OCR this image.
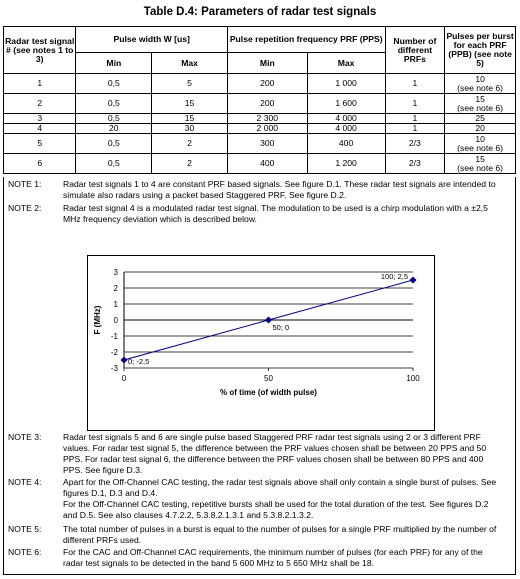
Table D.4: Parameters of radar test signals
Radar test signal # (see notes 1 to 3)	Pulse width W [us]		Pulse repetition frequency PRF (PPS)		Number of different PRFs	Pulses per burst for each PRF (PPB) (see note 5)
	Min	Max	Min	Max		
1	0,5	5	200	1 000	1	10
(see note 6)

2	0,5	15	200	1 600	1	15
(see note 6)

3	0,5	15	2 300	4 000	1	25
4	20	30	2 000	4 000	1	20
5	0,5	2	300	400	2/3	10
(see note 6)

6	0,5	2	400	1 200	2/3	15
(see note 6)
NOTE 1:	Radar test signals 1 to 4 are constant PRF based signals. See figure D.1. These radar test signals are intended to simulate also radars using a packet based Staggered PRF. See figure D.2.
NOTE 2:	Radar test signal 4 is a modulated radar test signal. The modulation to be used is a chirp modulation with a ±2,5 MHz frequency deviation which is described below.
3
2
1
0
-1
-2
-3
0	50	100
0; -2,5
50; 0
100; 2,5
F (MHz)
% of time (of width pulse)
NOTE 3:	Radar test signals 5 and 6 are single pulse based Staggered PRF radar test signals using 2 or 3 different PRF values. For radar test signal 5, the difference between the PRF values chosen shall be between 20 PPS and 50 PPS. For radar test signal 6, the difference between the PRF values chosen shall be between 80 PPS and 400 PPS. See figure D.3.
NOTE 4:	Apart for the Off-Channel CAC testing, the radar test signals above shall only contain a single burst of pulses. See figures D.1, D.3 and D.4.
For the Off-Channel CAC testing, repetitive bursts shall be used for the total duration of the test. See figures D.2 and D.5. See also clauses 4.7.2.2, 5.3.8.2.1.3.1 and 5.3.8.2.1.3.2.
NOTE 5:	The total number of pulses in a burst is equal to the number of pulses for a single PRF multiplied by the number of different PRFs used.
NOTE 6:	For the CAC and Off-Channel CAC requirements, the minimum number of pulses (for each PRF) for any of the radar test signals to be detected in the band 5 600 MHz to 5 650 MHz shall be 18.
